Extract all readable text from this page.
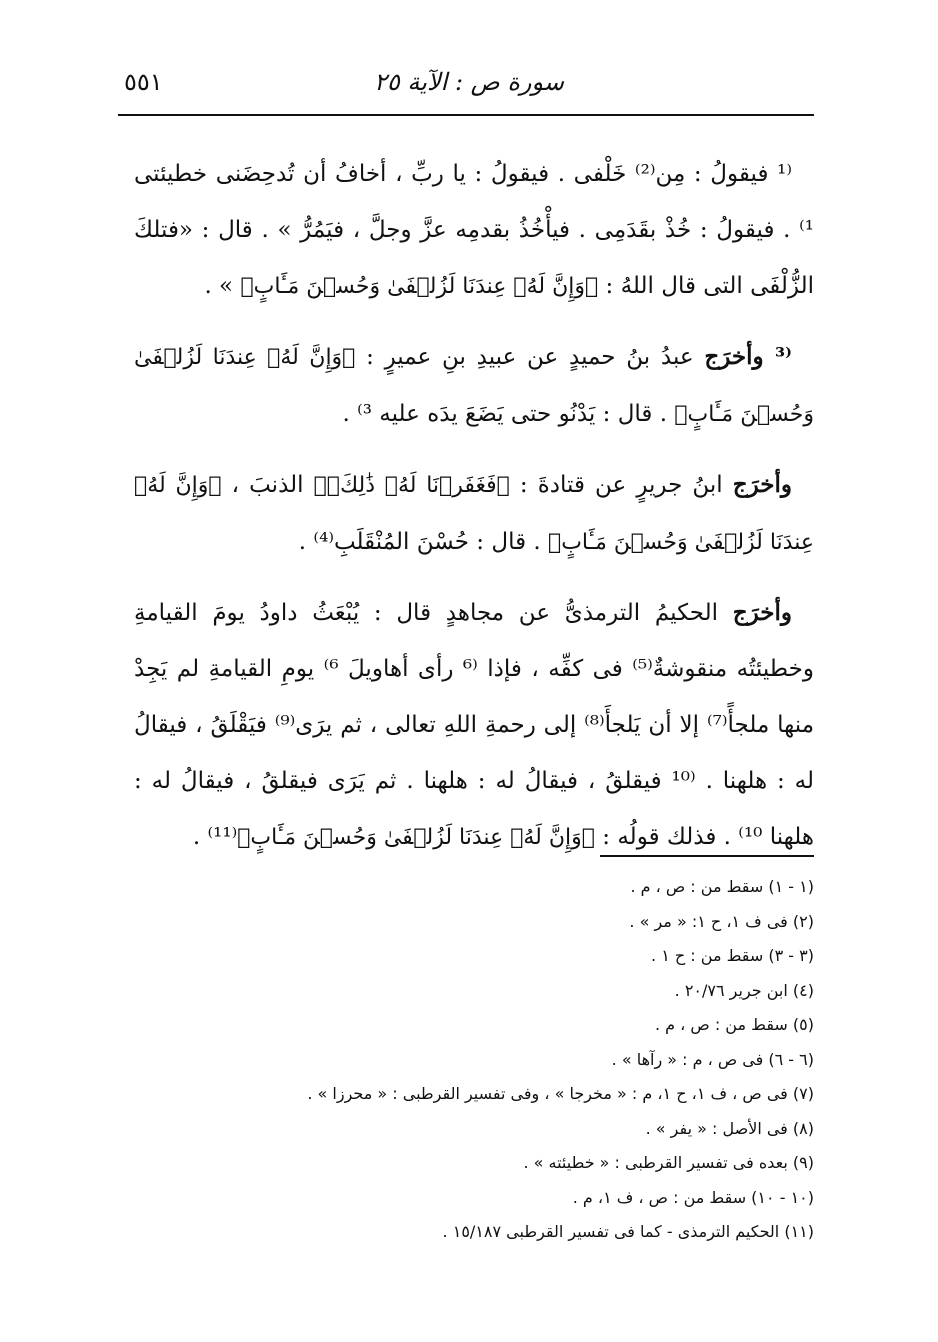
سورة ص : الآية ٢٥
٥٥١

⁽¹ فيقولُ : مِن⁽²⁾ خَلْفى . فيقولُ : يا ربِّ ، أخافُ أن تُدحِضَنى خطيئتى ¹⁾ . فيقولُ : خُذْ بقَدَمِى . فيأْخُذُ بقدمِه عزَّ وجلَّ ، فيَمُرُّ » . قال : «فتلكَ الزُّلْفَى التى قال اللهُ : ﴿وَإِنَّ لَهُۥ عِندَنَا لَزُلۡفَىٰ وَحُسۡنَ مَـَٔابٍ﴾ » .

⁽³ وأخرَج عبدُ بنُ حميدٍ عن عبيدِ بنِ عميرٍ : ﴿وَإِنَّ لَهُۥ عِندَنَا لَزُلۡفَىٰ وَحُسۡنَ مَـَٔابٍ﴾ . قال : يَدْنُو حتى يَضَعَ يدَه عليه ³⁾ .

وأخرَج ابنُ جريرٍ عن قتادةَ : ﴿فَغَفَرۡنَا لَهُۥ ذَٰلِكَۖ﴾ الذنبَ ، ﴿وَإِنَّ لَهُۥ عِندَنَا لَزُلۡفَىٰ وَحُسۡنَ مَـَٔابٍ﴾ . قال : حُسْنَ المُنْقَلَبِ⁽⁴⁾ .

وأخرَج الحكيمُ الترمذىُّ عن مجاهدٍ قال : يُبْعَثُ داودُ يومَ القيامةِ وخطيئتُه منقوشةٌ⁽⁵⁾ فى كفِّه ، فإذا ⁽⁶ رأى أهاويلَ ⁶⁾ يومِ القيامةِ لم يَجِدْ منها ملجأً⁽⁷⁾ إلا أن يَلجأَ⁽⁸⁾ إلى رحمةِ اللهِ تعالى ، ثم يرَى⁽⁹⁾ فيَقْلَقُ ، فيقالُ له : هلهنا . ⁽¹⁰ فيقلقُ ، فيقالُ له : هلهنا . ثم يَرَى فيقلقُ ، فيقالُ له : هلهنا ¹⁰⁾ . فذلك قولُه : ﴿وَإِنَّ لَهُۥ عِندَنَا لَزُلۡفَىٰ وَحُسۡنَ مَـَٔابٍ﴾⁽¹¹⁾ .

(١ - ١) سقط من : ص ، م .
(٢) فى ف ١، ح ١: « مر » .
(٣ - ٣) سقط من : ح ١ .
(٤) ابن جرير ٢٠/٧٦ .
(٥) سقط من : ص ، م .
(٦ - ٦) فى ص ، م : « رآها » .
(٧) فى ص ، ف ١، ح ١، م : « مخرجا » ، وفى تفسير القرطبى : « محرزا » .
(٨) فى الأصل : « يفر » .
(٩) بعده فى تفسير القرطبى : « خطيئته » .
(١٠ - ١٠) سقط من : ص ، ف ١، م .
(١١) الحكيم الترمذى - كما فى تفسير القرطبى ١٥/١٨٧ .
